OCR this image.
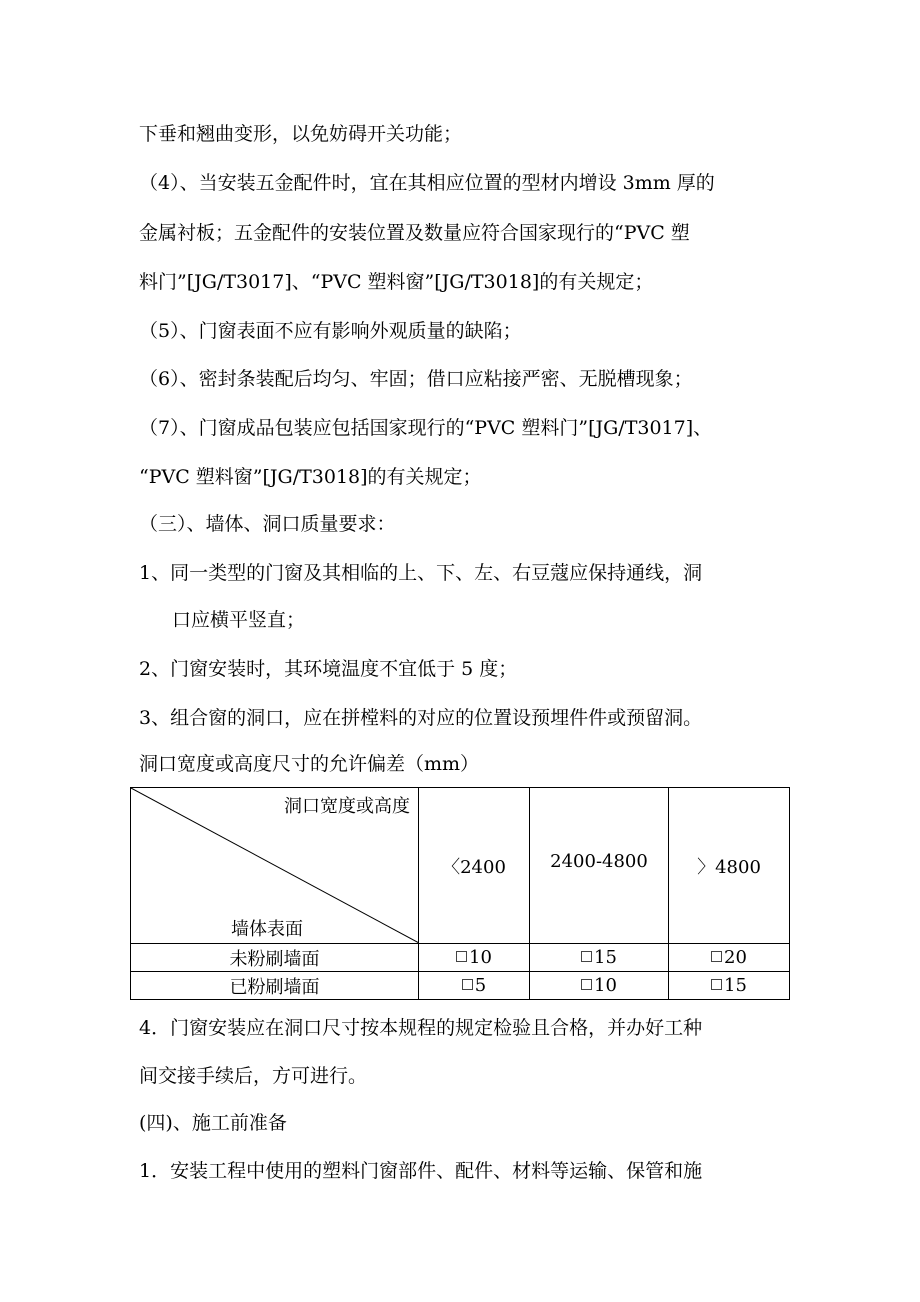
下垂和翘曲变形，以免妨碍开关功能；
（4）、当安装五金配件时，宜在其相应位置的型材内增设 3mm 厚的
金属衬板；五金配件的安装位置及数量应符合国家现行的“PVC 塑
料门”[JG/T3017]、“PVC 塑料窗”[JG/T3018]的有关规定；
（5）、门窗表面不应有影响外观质量的缺陷；
（6）、密封条装配后均匀、牢固；借口应粘接严密、无脱槽现象；
（7）、门窗成品包装应包括国家现行的“PVC 塑料门”[JG/T3017]、
“PVC 塑料窗”[JG/T3018]的有关规定；
（三）、墙体、洞口质量要求：
1、同一类型的门窗及其相临的上、下、左、右豆蔻应保持通线，洞
口应横平竖直；
2、门窗安装时，其环境温度不宜低于 5 度；
3、组合窗的洞口，应在拼樘料的对应的位置设预埋件件或预留洞。
洞口宽度或高度尺寸的允许偏差（mm）
洞口宽度或高度
墙体表面	〈2400	2400-4800	〉4800
未粉刷墙面	10	15	20
已粉刷墙面	5	10	15
4．门窗安装应在洞口尺寸按本规程的规定检验且合格，并办好工种
间交接手续后，方可进行。
(四)、施工前准备
1．安装工程中使用的塑料门窗部件、配件、材料等运输、保管和施
